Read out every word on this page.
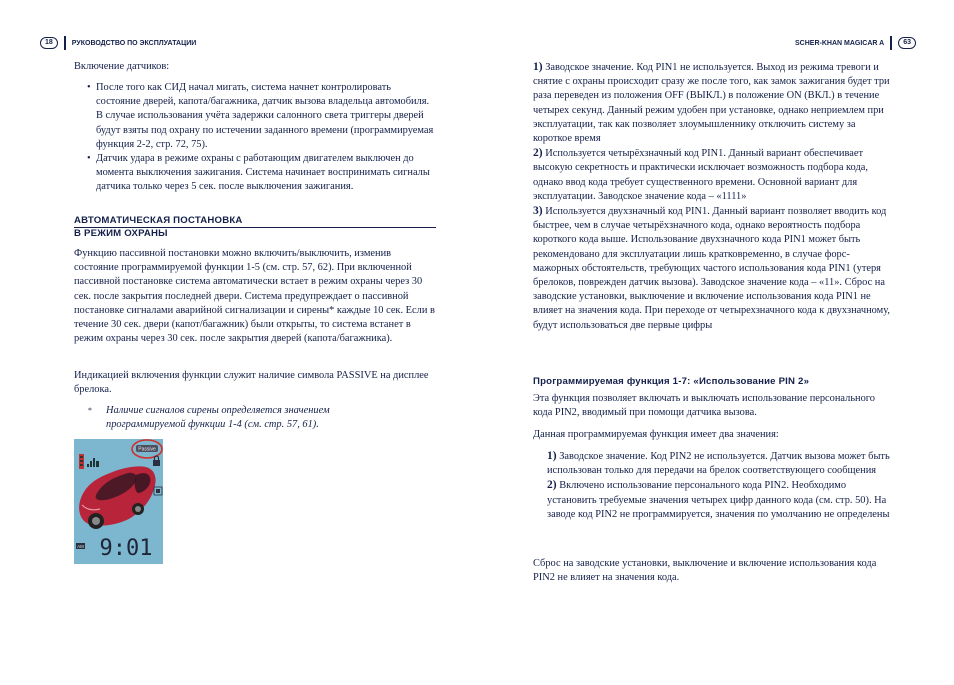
18	РУКОВОДСТВО ПО ЭКСПЛУАТАЦИИ	SCHER-KHAN MAGICAR A	63

Включение датчиков:

• После того как СИД начал мигать, система начнет контролировать состояние дверей, капота/багажника, датчик вызова владельца автомобиля. В случае использования учёта задержки салонного света триггеры дверей будут взяты под охрану по истечении заданного времени (программируемая функция 2-2, стр. 72, 75).
• Датчик удара в режиме охраны с работающим двигателем выключен до момента выключения зажигания. Система начинает воспринимать сигналы датчика только через 5 сек. после выключения зажигания.
АВТОМАТИЧЕСКАЯ ПОСТАНОВКА
В РЕЖИМ ОХРАНЫ

Функцию пассивной постановки можно включить/выключить, изменив состояние программируемой функции 1-5 (см. стр. 57, 62). При включенной пассивной постановке система автоматически встает в режим охраны через 30 сек. после закрытия последней двери. Система предупреждает о пассивной постановке сигналами аварийной сигнализации и сирены* каждые 10 сек. Если в течение 30 сек. двери (капот/багажник) были открыты, то система встанет в режим охраны через 30 сек. после закрытия дверей (капота/багажника).

Индикацией включения функции служит наличие символа PASSIVE на дисплее брелока.

*	Наличие сигналов сирены определяется значением программируемой функции 1-4 (см. стр. 57, 61).
Passive
AM 9:01

1) Заводское значение. Код PIN1 не используется. Выход из режима тревоги и снятие с охраны происходит сразу же после того, как замок зажигания будет три раза переведен из положения OFF (ВЫКЛ.) в положение ON (ВКЛ.) в течение четырех секунд. Данный режим удобен при установке, однако неприемлем при эксплуатации, так как позволяет злоумышленнику отключить систему за короткое время

2) Используется четырёхзначный код PIN1. Данный вариант обеспечивает высокую секретность и практически исключает возможность подбора кода, однако ввод кода требует существенного времени. Основной вариант для эксплуатации. Заводское значение кода – «1111»

3) Используется двухзначный код PIN1. Данный вариант позволяет вводить код быстрее, чем в случае четырёхзначного кода, однако вероятность подбора короткого кода выше. Использование двухзначного кода PIN1 может быть рекомендовано для эксплуатации лишь кратковременно, в случае форс-мажорных обстоятельств, требующих частого использования кода PIN1 (утеря брелоков, поврежден датчик вызова). Заводское значение кода – «11». Сброс на заводские установки, выключение и включение использования кода PIN1 не влияет на значения кода. При переходе от четырехзначного кода к двухзначному, будут использоваться две первые цифры

Программируемая функция 1-7: «Использование PIN 2»

Эта функция позволяет включать и выключать использование персонального кода PIN2, вводимый при помощи датчика вызова.

Данная программируемая функция имеет два значения:

1) Заводское значение. Код PIN2 не используется. Датчик вызова может быть использован только для передачи на брелок соответствующего сообщения

2) Включено использование персонального кода PIN2. Необходимо установить требуемые значения четырех цифр данного кода (см. стр. 50). На заводе код PIN2 не программируется, значения по умолчанию не определены

Сброс на заводские установки, выключение и включение использования кода PIN2 не влияет на значения кода.
